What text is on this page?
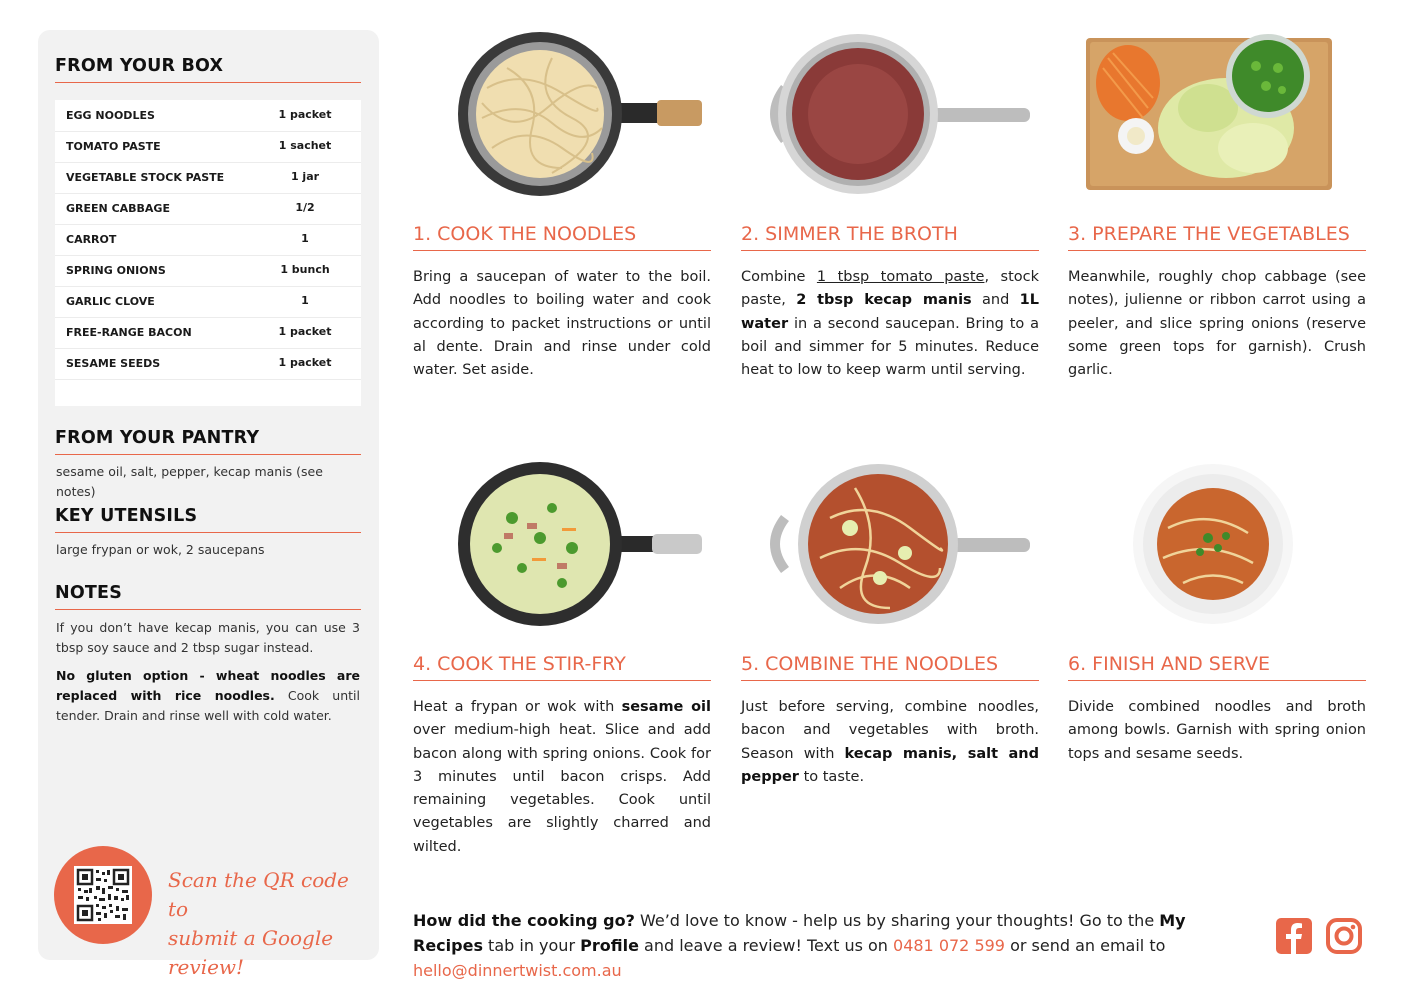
FROM YOUR BOX
EGG NOODLES	1 packet
TOMATO PASTE	1 sachet
VEGETABLE STOCK PASTE	1 jar
GREEN CABBAGE	1/2
CARROT	1
SPRING ONIONS	1 bunch
GARLIC CLOVE	1
FREE-RANGE BACON	1 packet
SESAME SEEDS	1 packet
FROM YOUR PANTRY
sesame oil, salt, pepper, kecap manis (see notes)
KEY UTENSILS
large frypan or wok, 2 saucepans
NOTES
If you don’t have kecap manis, you can use 3 tbsp soy sauce and 2 tbsp sugar instead.
No gluten option - wheat noodles are replaced with rice noodles. Cook until tender. Drain and rinse well with cold water.
Scan the QR code to
submit a Google review!
1. COOK THE NOODLES
Bring a saucepan of water to the boil. Add noodles to boiling water and cook according to packet instructions or until al dente. Drain and rinse under cold water. Set aside.
2. SIMMER THE BROTH
Combine 1 tbsp tomato paste, stock paste, 2 tbsp kecap manis and 1L water in a second saucepan. Bring to a boil and simmer for 5 minutes. Reduce heat to low to keep warm until serving.
3. PREPARE THE VEGETABLES
Meanwhile, roughly chop cabbage (see notes), julienne or ribbon carrot using a peeler, and slice spring onions (reserve some green tops for garnish). Crush garlic.
4. COOK THE STIR-FRY
Heat a frypan or wok with sesame oil over medium-high heat. Slice and add bacon along with spring onions. Cook for 3 minutes until bacon crisps. Add remaining vegetables. Cook until vegetables are slightly charred and wilted.
5. COMBINE THE NOODLES
Just before serving, combine noodles, bacon and vegetables with broth. Season with kecap manis, salt and pepper to taste.
6. FINISH AND SERVE
Divide combined noodles and broth among bowls. Garnish with spring onion tops and sesame seeds.
How did the cooking go? We’d love to know - help us by sharing your thoughts! Go to the My Recipes tab in your Profile and leave a review! Text us on 0481 072 599 or send an email to hello@dinnertwist.com.au
